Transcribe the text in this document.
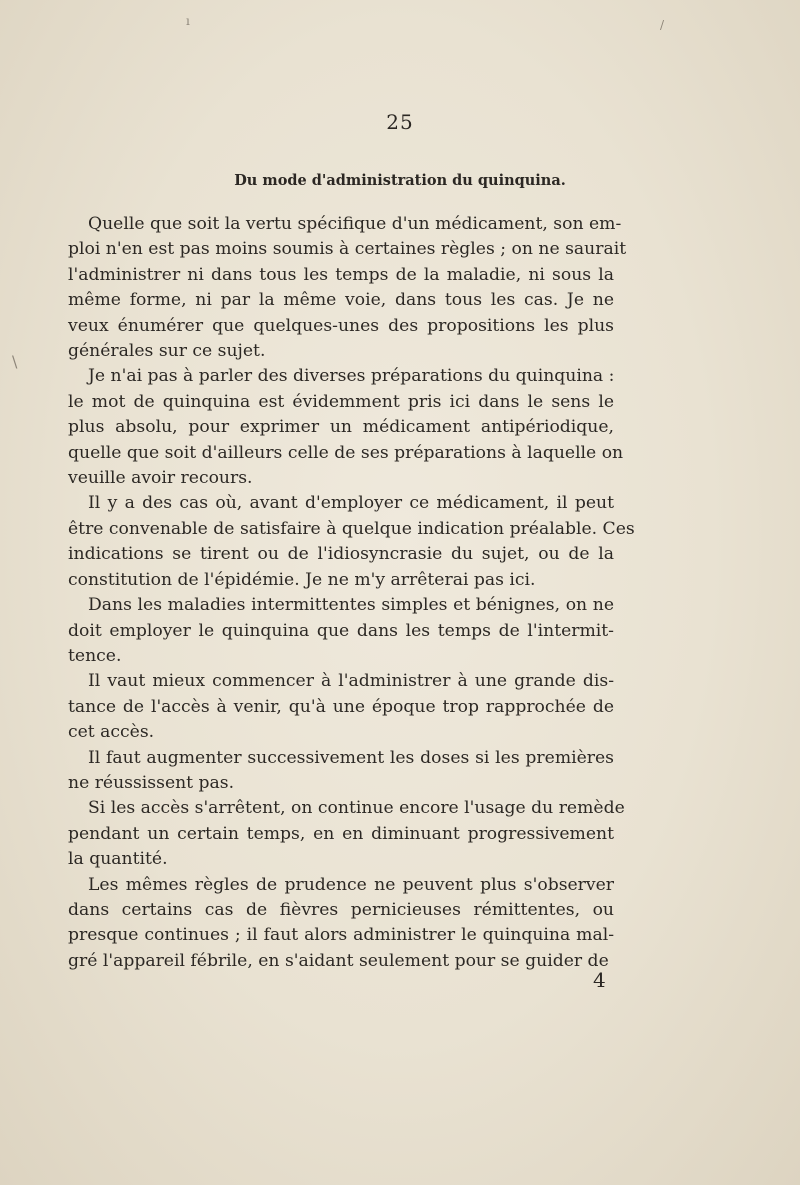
25
Du mode d'administration du quinquina.
Quelle que soit la vertu spécifique d'un médicament, son em-
ploi n'en est pas moins soumis à certaines règles ; on ne saurait
l'administrer ni dans tous les temps de la maladie, ni sous la
même forme, ni par la même voie, dans tous les cas. Je ne
veux énumérer que quelques-unes des propositions les plus
générales sur ce sujet.
Je n'ai pas à parler des diverses préparations du quinquina :
le mot de quinquina est évidemment pris ici dans le sens le
plus absolu, pour exprimer un médicament antipériodique,
quelle que soit d'ailleurs celle de ses préparations à laquelle on
veuille avoir recours.
Il y a des cas où, avant d'employer ce médicament, il peut
être convenable de satisfaire à quelque indication préalable. Ces
indications se tirent ou de l'idiosyncrasie du sujet, ou de la
constitution de l'épidémie. Je ne m'y arrêterai pas ici.
Dans les maladies intermittentes simples et bénignes, on ne
doit employer le quinquina que dans les temps de l'intermit-
tence.
Il vaut mieux commencer à l'administrer à une grande dis-
tance de l'accès à venir, qu'à une époque trop rapprochée de
cet accès.
Il faut augmenter successivement les doses si les premières
ne réussissent pas.
Si les accès s'arrêtent, on continue encore l'usage du remède
pendant un certain temps, en en diminuant progressivement
la quantité.
Les mêmes règles de prudence ne peuvent plus s'observer
dans certains cas de fièvres pernicieuses rémittentes, ou
presque continues ; il faut alors administrer le quinquina mal-
gré l'appareil fébrile, en s'aidant seulement pour se guider de
4
ı	/
\
